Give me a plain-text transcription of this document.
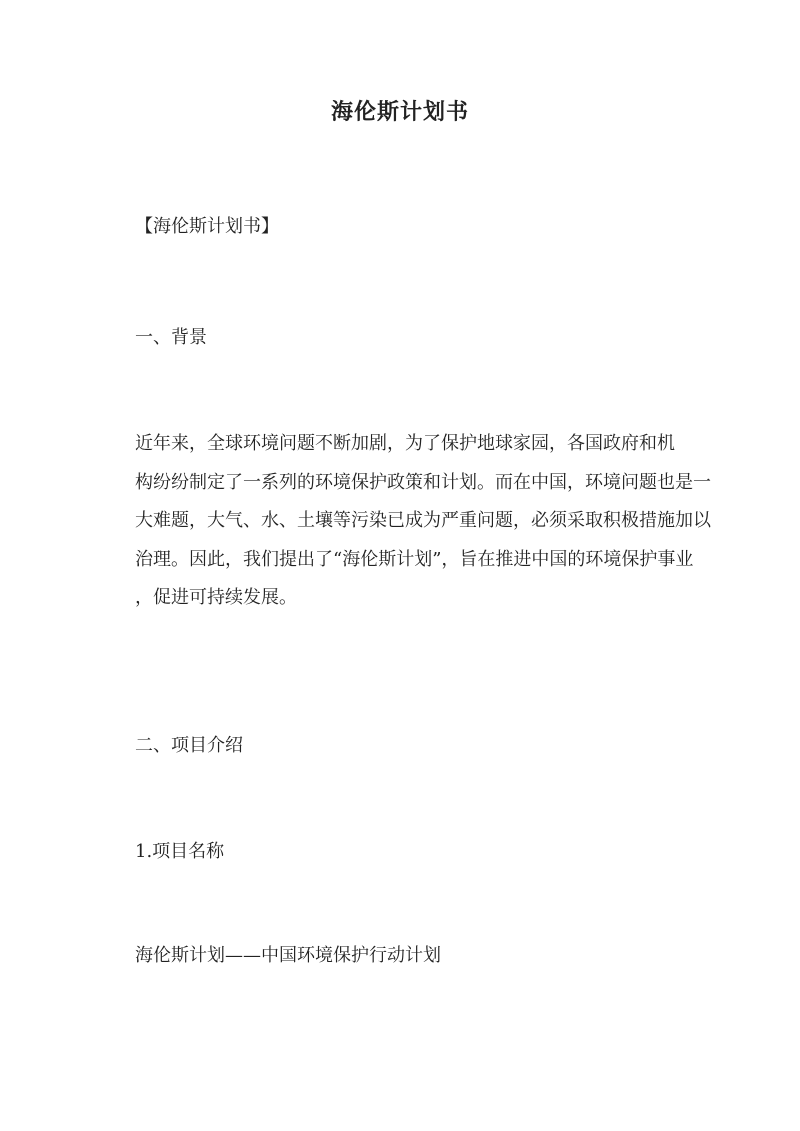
海伦斯计划书

【海伦斯计划书】

一、背景

近年来，全球环境问题不断加剧，为了保护地球家园，各国政府和机
构纷纷制定了一系列的环境保护政策和计划。而在中国，环境问题也是一
大难题，大气、水、土壤等污染已成为严重问题，必须采取积极措施加以
治理。因此，我们提出了“海伦斯计划”，旨在推进中国的环境保护事业
，促进可持续发展。

二、项目介绍

1.项目名称

海伦斯计划——中国环境保护行动计划
